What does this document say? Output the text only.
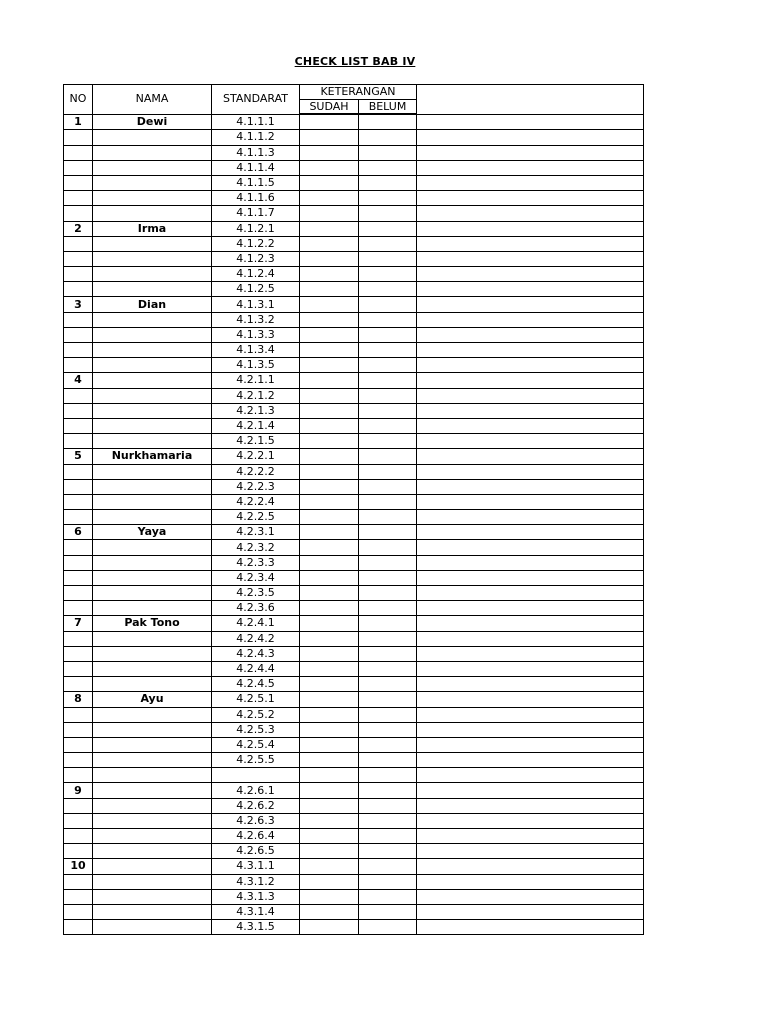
CHECK LIST BAB IV
NO	NAMA	STANDARAT	KETERANGAN		
			SUDAH	BELUM	
1	Dewi	4.1.1.1			
		4.1.1.2			
		4.1.1.3			
		4.1.1.4			
		4.1.1.5			
		4.1.1.6			
		4.1.1.7			
2	Irma	4.1.2.1			
		4.1.2.2			
		4.1.2.3			
		4.1.2.4			
		4.1.2.5			
3	Dian	4.1.3.1			
		4.1.3.2			
		4.1.3.3			
		4.1.3.4			
		4.1.3.5			
4		4.2.1.1			
		4.2.1.2			
		4.2.1.3			
		4.2.1.4			
		4.2.1.5			
5	Nurkhamaria	4.2.2.1			
		4.2.2.2			
		4.2.2.3			
		4.2.2.4			
		4.2.2.5			
6	Yaya	4.2.3.1			
		4.2.3.2			
		4.2.3.3			
		4.2.3.4			
		4.2.3.5			
		4.2.3.6			
7	Pak Tono	4.2.4.1			
		4.2.4.2			
		4.2.4.3			
		4.2.4.4			
		4.2.4.5			
8	Ayu	4.2.5.1			
		4.2.5.2			
		4.2.5.3			
		4.2.5.4			
		4.2.5.5			

9		4.2.6.1			
		4.2.6.2			
		4.2.6.3			
		4.2.6.4			
		4.2.6.5			
10		4.3.1.1			
		4.3.1.2			
		4.3.1.3			
		4.3.1.4			
		4.3.1.5			
